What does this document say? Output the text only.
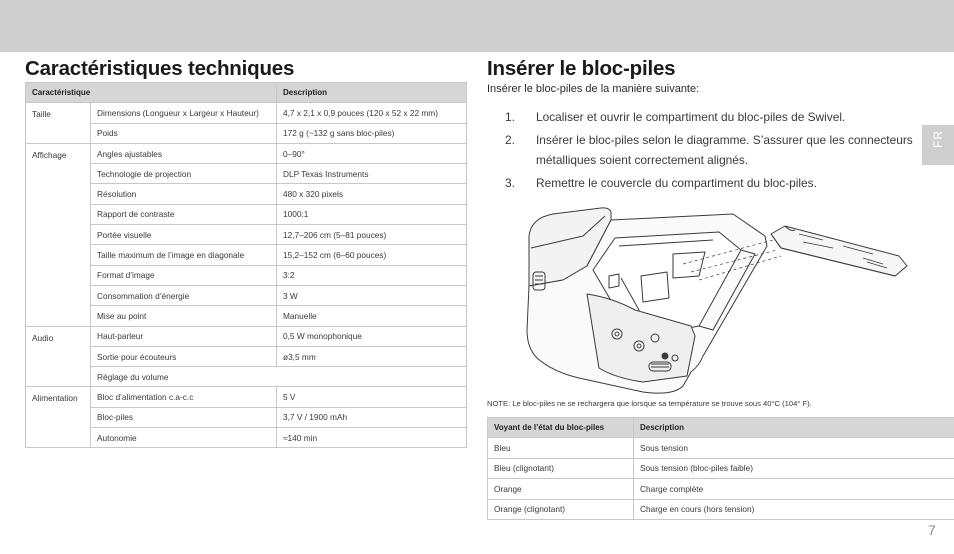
Caractéristiques techniques
Caractéristique		Description
Taille	Dimensions (Longueur x Largeur x Hauteur)	4,7 x 2,1 x 0,9 pouces (120 x 52 x 22 mm)
	Poids	172 g (~132 g sans bloc-piles)
Affichage	Angles ajustables	0–90°
	Technologie de projection	DLP Texas Instruments
	Résolution	480 x 320 pixels
	Rapport de contraste	1000:1
	Portée visuelle	12,7–206 cm (5–81 pouces)
	Taille maximum de l’image en diagonale	15,2–152 cm (6–60 pouces)
	Format d’image	3:2
	Consommation d’énergie	3 W
	Mise au point	Manuelle
Audio	Haut-parleur	0,5 W monophonique
	Sortie pour écouteurs	ø3,5 mm
	Réglage du volume	
Alimentation	Bloc d’alimentation c.a-c.c	5 V
	Bloc-piles	3,7 V / 1900 mAh
	Autonomie	≈140 min
Insérer le bloc-piles
Insérer le bloc-piles de la manière suivante:
1. Localiser et ouvrir le compartiment du bloc-piles de Swivel.
2. Insérer le bloc-piles selon le diagramme. S’assurer que les connecteurs métalliques soient correctement alignés.
3. Remettre le couvercle du compartiment du bloc-piles.
NOTE: Le bloc-piles ne se rechargera que lorsque sa température se trouve sous 40°C (104° F).
Voyant de l’état du bloc-piles	Description
Bleu	Sous tension
Bleu (clignotant)	Sous tension (bloc-piles faible)
Orange	Charge complète
Orange (clignotant)	Charge en cours (hors tension)
FR
7
